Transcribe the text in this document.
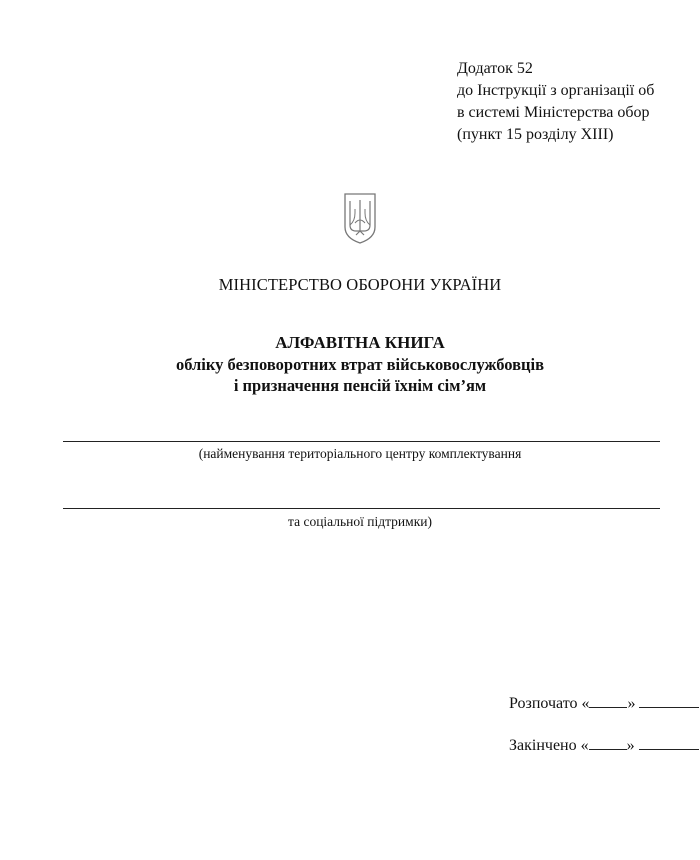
Додаток 52
до Інструкції з організації об
в системі Міністерства обор
(пункт 15 розділу XIII)
МІНІСТЕРСТВО ОБОРОНИ УКРАЇНИ
АЛФАВІТНА КНИГА
обліку безповоротних втрат військовослужбовців
і призначення пенсій їхнім сім’ям
(найменування територіального центру комплектування
та соціальної підтримки)
Розпочато « »
Закінчено « »
